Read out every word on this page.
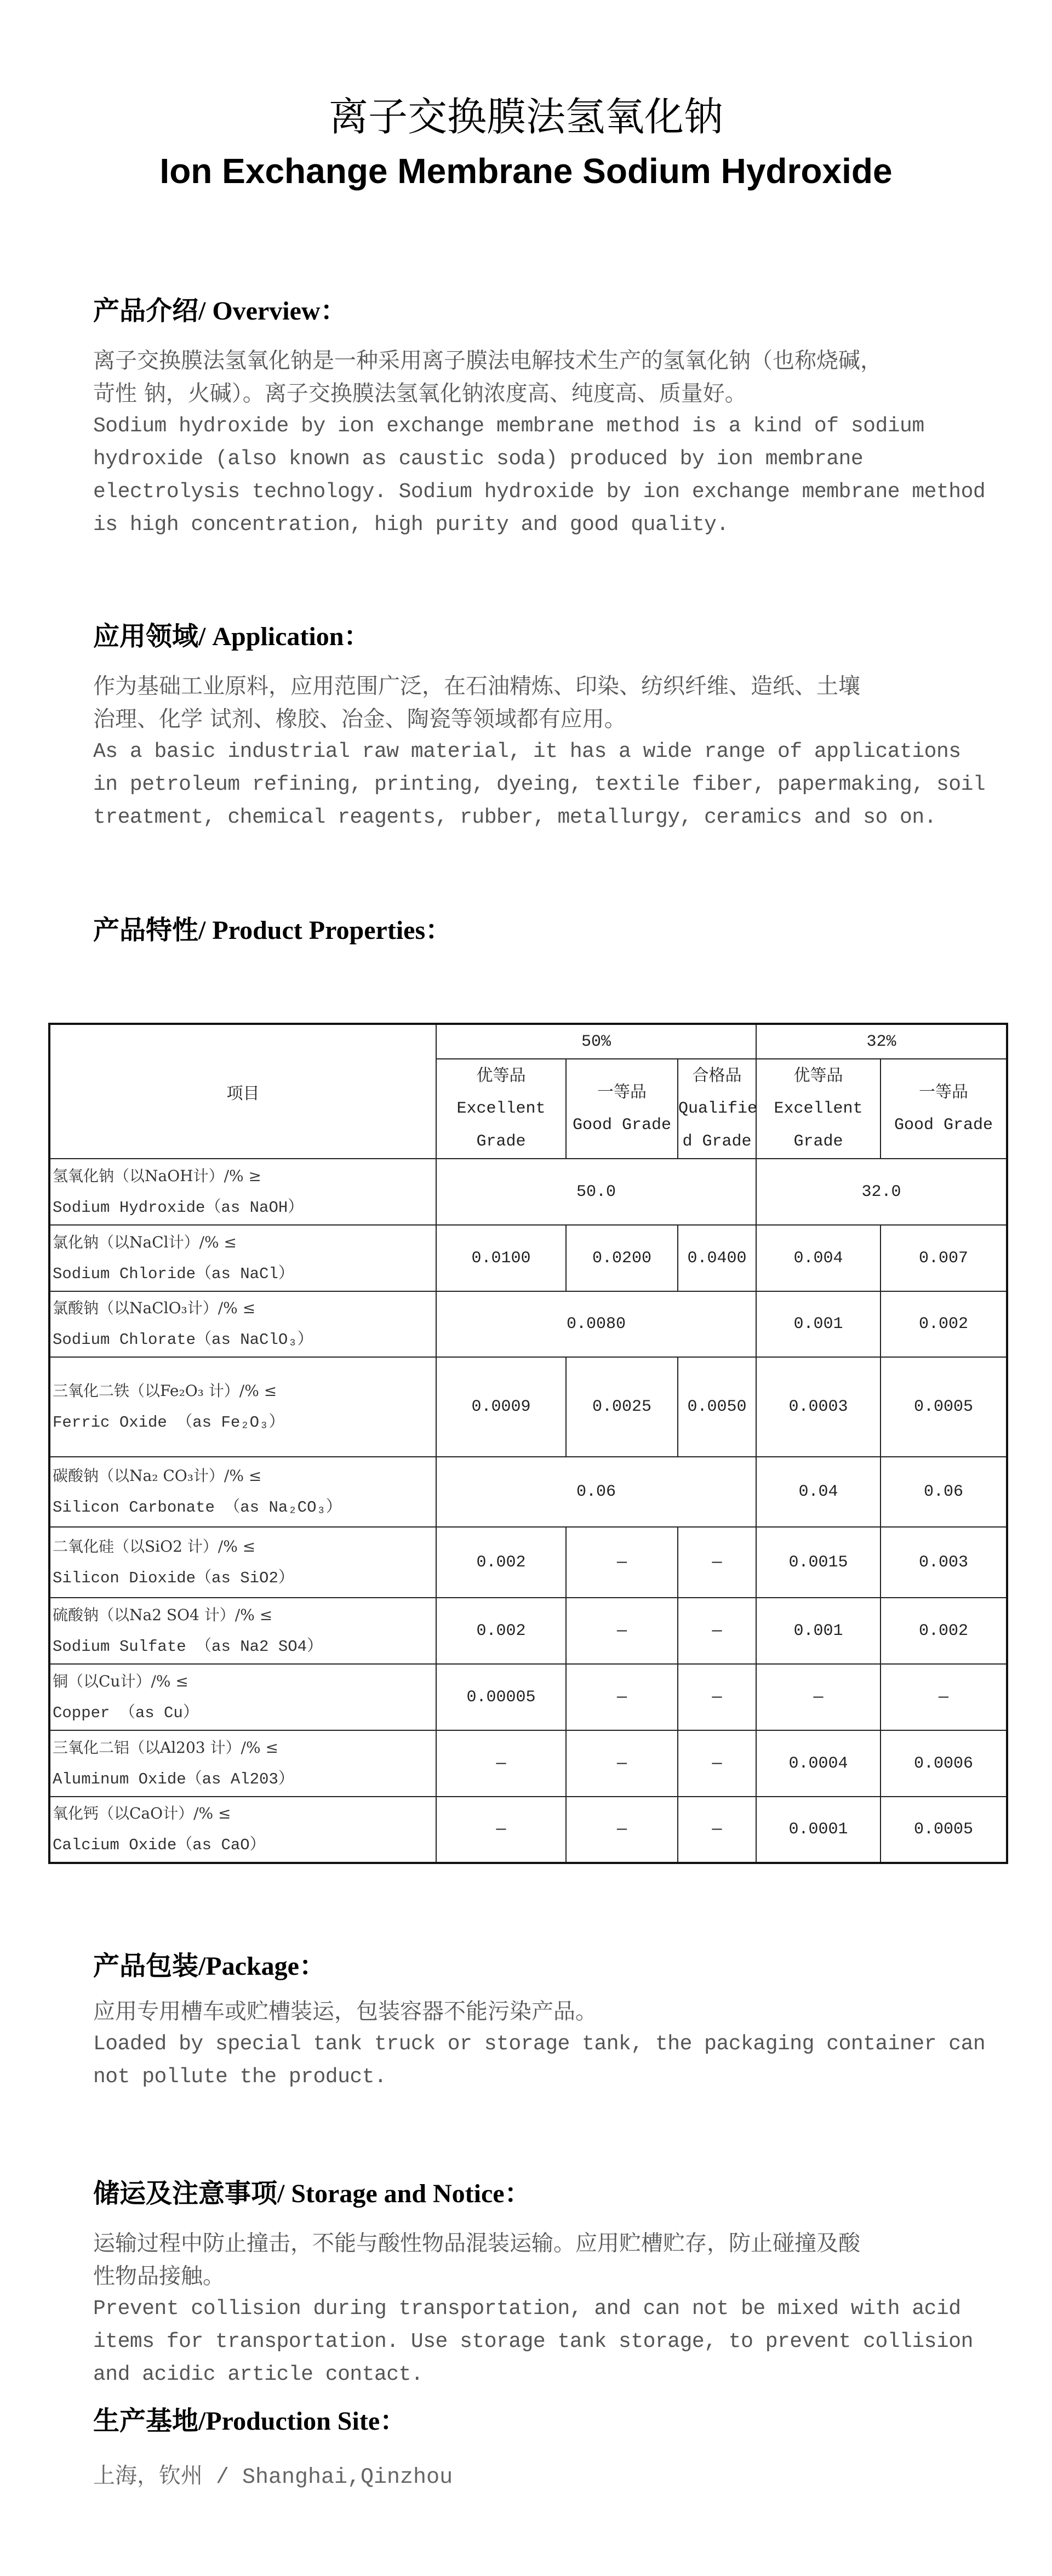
离子交换膜法氢氧化钠
Ion Exchange Membrane Sodium Hydroxide
产品介绍/ Overview：
离子交换膜法氢氧化钠是一种采用离子膜法电解技术生产的氢氧化钠（也称烧碱，
苛性 钠，火碱）。离子交换膜法氢氧化钠浓度高、纯度高、质量好。
Sodium hydroxide by ion exchange membrane method is a kind of sodium
hydroxide (also known as caustic soda) produced by ion membrane
electrolysis technology. Sodium hydroxide by ion exchange membrane method
is high concentration, high purity and good quality.
应用领域/ Application：
作为基础工业原料，应用范围广泛，在石油精炼、印染、纺织纤维、造纸、土壤
治理、化学 试剂、橡胶、冶金、陶瓷等领域都有应用。
As a basic industrial raw material, it has a wide range of applications
in petroleum refining, printing, dyeing, textile fiber, papermaking, soil
treatment, chemical reagents, rubber, metallurgy, ceramics and so on.
产品特性/ Product Properties：
项目	50%			32%	

	优等品
Excellent
Grade	一等品
Good Grade	合格品
Qualifie
d Grade	优等品
Excellent
Grade	一等品
Good Grade

氢氧化钠（以NaOH计）/% ≥
Sodium Hydroxide（as NaOH）	50.0			32.0	

氯化钠（以NaCl计）/% ≤
Sodium Chloride（as NaCl）	0.0100	0.0200	0.0400	0.004	0.007

氯酸钠（以NaClO₃计）/% ≤
Sodium Chlorate（as NaClO₃）	0.0080			0.001	0.002

三氧化二铁（以Fe₂O₃ 计）/% ≤
Ferric Oxide （as Fe₂O₃）	0.0009	0.0025	0.0050	0.0003	0.0005

碳酸钠（以Na₂ CO₃计）/% ≤
Silicon Carbonate （as Na₂CO₃）	0.06			0.04	0.06

二氧化硅（以SiO2 计）/% ≤
Silicon Dioxide（as SiO2）	0.002	—	—	0.0015	0.003

硫酸钠（以Na2 SO4 计）/% ≤
Sodium Sulfate （as Na2 SO4）	0.002	—	—	0.001	0.002

铜（以Cu计）/% ≤
Copper （as Cu）	0.00005	—	—	—	—

三氧化二铝（以Al203 计）/% ≤
Aluminum Oxide（as Al203）	—	—	—	0.0004	0.0006

氧化钙（以CaO计）/% ≤
Calcium Oxide（as CaO）	—	—	—	0.0001	0.0005
产品包装/Package：
应用专用槽车或贮槽装运，包装容器不能污染产品。
Loaded by special tank truck or storage tank, the packaging container can
not pollute the product.
储运及注意事项/ Storage and Notice：
运输过程中防止撞击，不能与酸性物品混装运输。应用贮槽贮存，防止碰撞及酸
性物品接触。
Prevent collision during transportation, and can not be mixed with acid
items for transportation. Use storage tank storage, to prevent collision
and acidic article contact.
生产基地/Production Site：
上海，钦州 / Shanghai,Qinzhou
